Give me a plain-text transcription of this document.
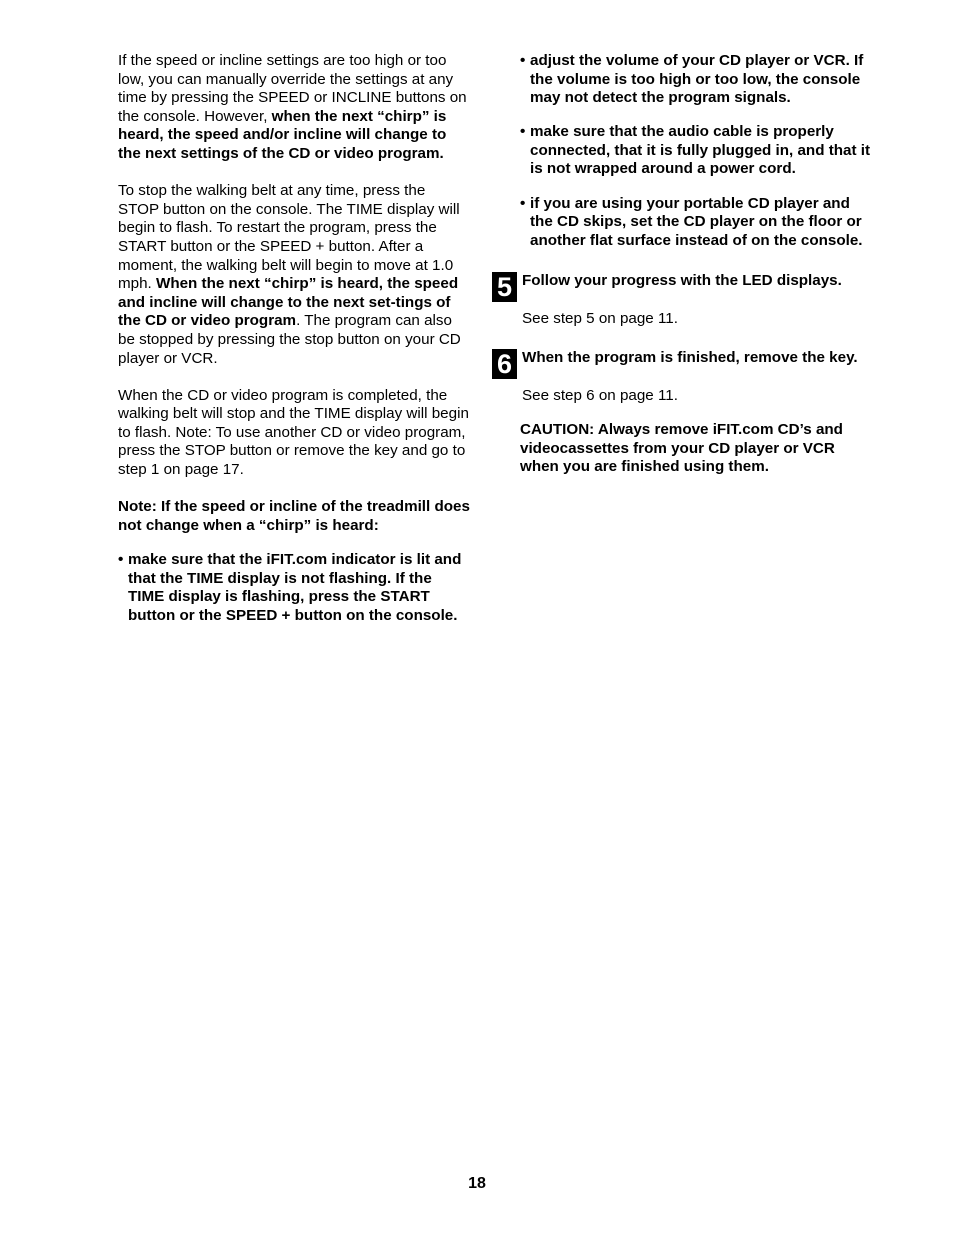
If the speed or incline settings are too high or too low, you can manually override the settings at any time by pressing the SPEED or INCLINE buttons on the console. However, when the next “chirp” is heard, the speed and/or incline will change to the next settings of the CD or video program.

To stop the walking belt at any time, press the STOP button on the console. The TIME display will begin to flash. To restart the program, press the START button or the SPEED + button. After a moment, the walking belt will begin to move at 1.0 mph. When the next “chirp” is heard, the speed and incline will change to the next set-tings of the CD or video program. The program can also be stopped by pressing the stop button on your CD player or VCR.

When the CD or video program is completed, the walking belt will stop and the TIME display will begin to flash. Note: To use another CD or video program, press the STOP button or remove the key and go to step 1 on page 17.

Note: If the speed or incline of the treadmill does not change when a “chirp” is heard:

• make sure that the iFIT.com indicator is lit and that the TIME display is not flashing. If the TIME display is flashing, press the START button or the SPEED + button on the console.
• adjust the volume of your CD player or VCR. If the volume is too high or too low, the console may not detect the program signals.
• make sure that the audio cable is properly connected, that it is fully plugged in, and that it is not wrapped around a power cord.
• if you are using your portable CD player and the CD skips, set the CD player on the floor or another flat surface instead of on the console.
5 Follow your progress with the LED displays.
See step 5 on page 11.
6 When the program is finished, remove the key.
See step 6 on page 11.
CAUTION: Always remove iFIT.com CD’s and videocassettes from your CD player or VCR when you are finished using them.
18
